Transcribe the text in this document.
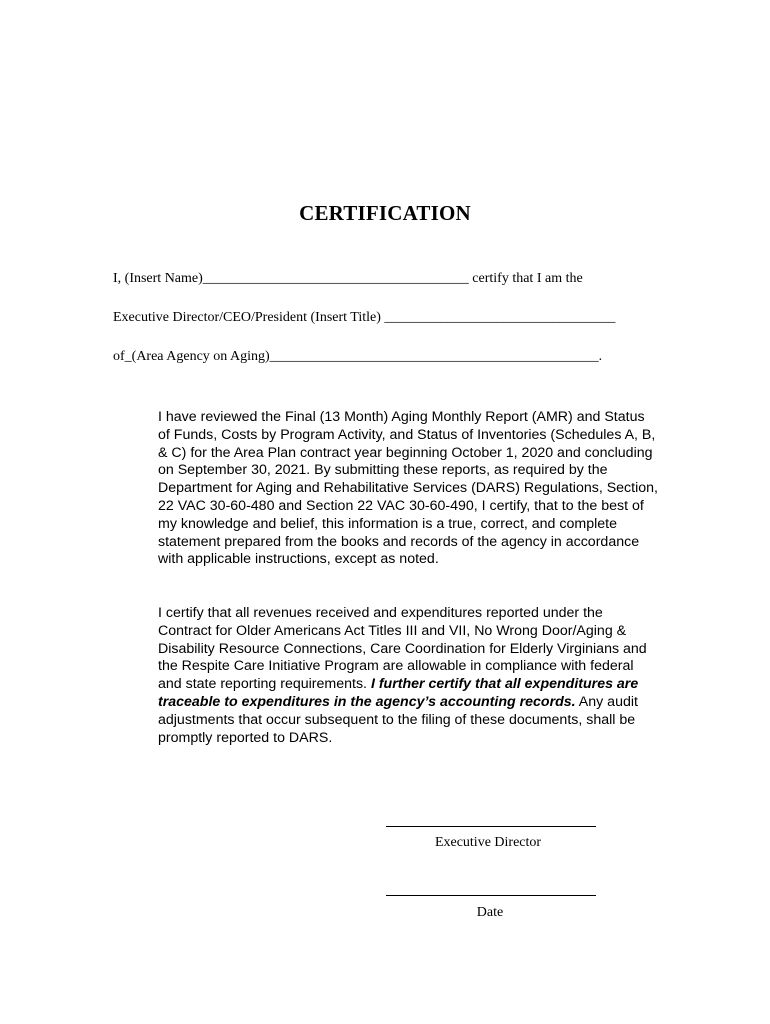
CERTIFICATION

I, (Insert Name)______________________________________ certify that I am the

Executive Director/CEO/President (Insert Title) _________________________________

of_(Area Agency on Aging)_______________________________________________.

I have reviewed the Final (13 Month) Aging Monthly Report (AMR) and Status of Funds, Costs by Program Activity, and Status of Inventories (Schedules A, B, & C) for the Area Plan contract year beginning October 1, 2020 and concluding on September 30, 2021. By submitting these reports, as required by the Department for Aging and Rehabilitative Services (DARS) Regulations, Section, 22 VAC 30-60-480 and Section 22 VAC 30-60-490, I certify, that to the best of my knowledge and belief, this information is a true, correct, and complete statement prepared from the books and records of the agency in accordance with applicable instructions, except as noted.

I certify that all revenues received and expenditures reported under the Contract for Older Americans Act Titles III and VII, No Wrong Door/Aging & Disability Resource Connections, Care Coordination for Elderly Virginians and the Respite Care Initiative Program are allowable in compliance with federal and state reporting requirements. I further certify that all expenditures are traceable to expenditures in the agency’s accounting records. Any audit adjustments that occur subsequent to the filing of these documents, shall be promptly reported to DARS.

Executive Director

Date
